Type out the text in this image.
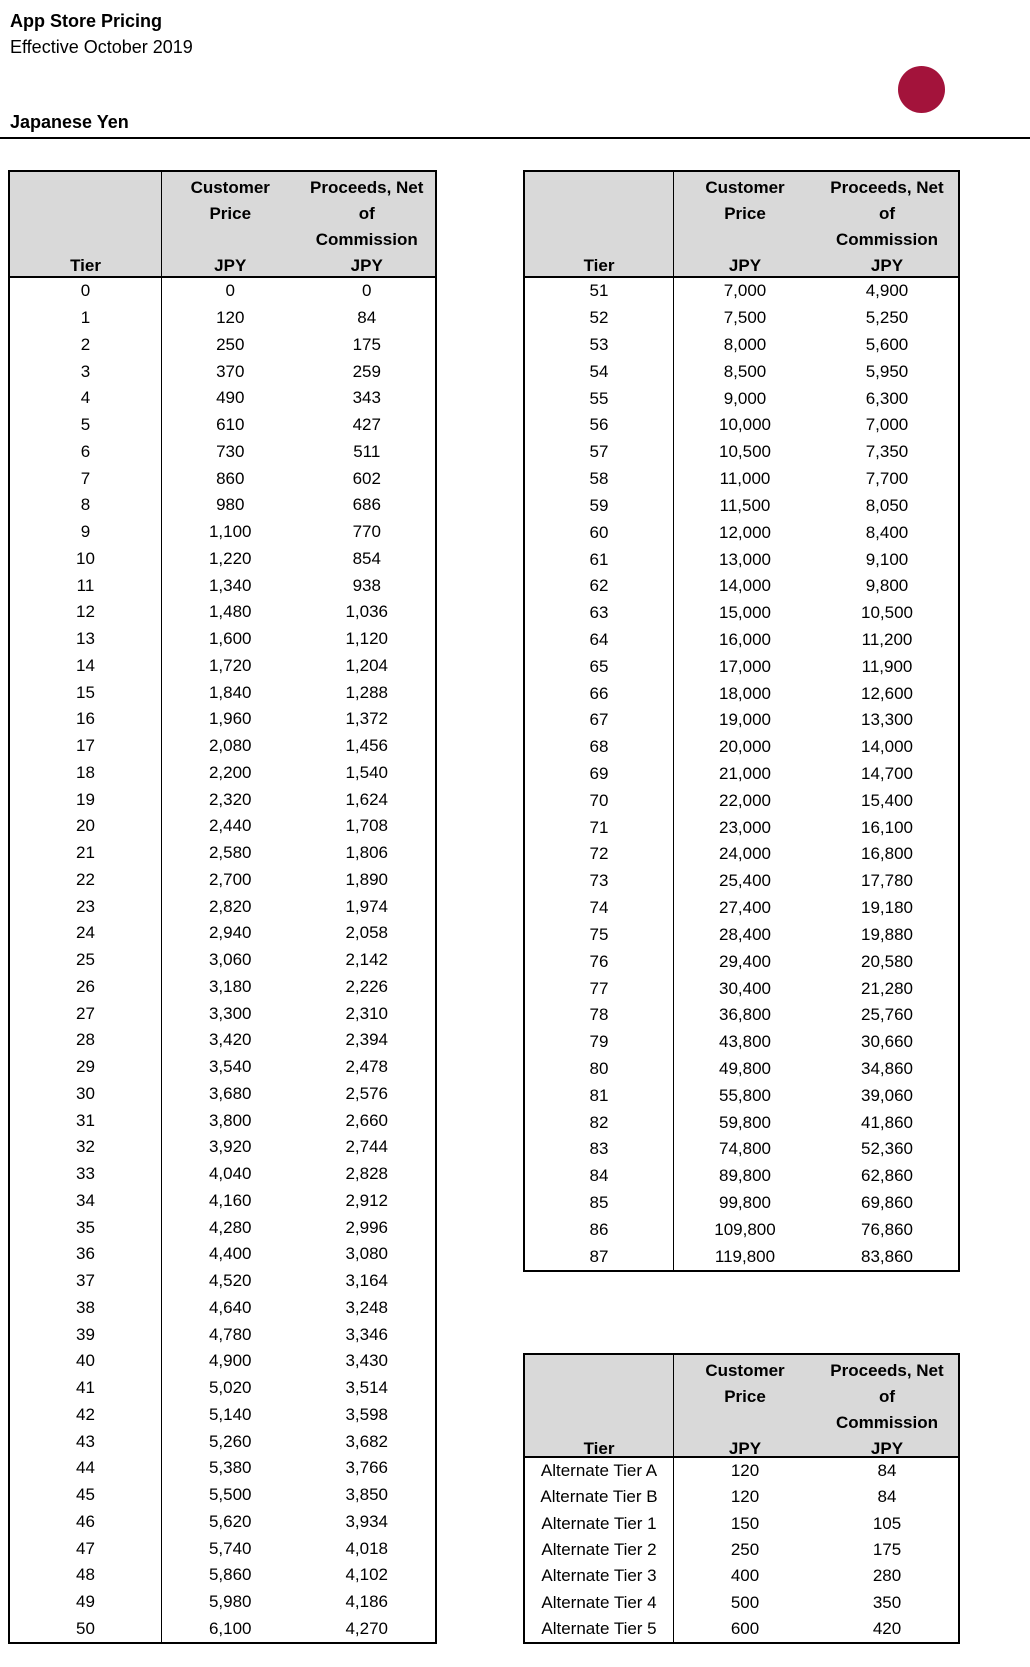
App Store Pricing
Effective October 2019
Japanese Yen
Tier
Customer Price
JPY
Proceeds, Net of Commission
JPY
0	0	0
1	120	84
2	250	175
3	370	259
4	490	343
5	610	427
6	730	511
7	860	602
8	980	686
9	1,100	770
10	1,220	854
11	1,340	938
12	1,480	1,036
13	1,600	1,120
14	1,720	1,204
15	1,840	1,288
16	1,960	1,372
17	2,080	1,456
18	2,200	1,540
19	2,320	1,624
20	2,440	1,708
21	2,580	1,806
22	2,700	1,890
23	2,820	1,974
24	2,940	2,058
25	3,060	2,142
26	3,180	2,226
27	3,300	2,310
28	3,420	2,394
29	3,540	2,478
30	3,680	2,576
31	3,800	2,660
32	3,920	2,744
33	4,040	2,828
34	4,160	2,912
35	4,280	2,996
36	4,400	3,080
37	4,520	3,164
38	4,640	3,248
39	4,780	3,346
40	4,900	3,430
41	5,020	3,514
42	5,140	3,598
43	5,260	3,682
44	5,380	3,766
45	5,500	3,850
46	5,620	3,934
47	5,740	4,018
48	5,860	4,102
49	5,980	4,186
50	6,100	4,270
Tier
Customer Price
JPY
Proceeds, Net of Commission
JPY
51	7,000	4,900
52	7,500	5,250
53	8,000	5,600
54	8,500	5,950
55	9,000	6,300
56	10,000	7,000
57	10,500	7,350
58	11,000	7,700
59	11,500	8,050
60	12,000	8,400
61	13,000	9,100
62	14,000	9,800
63	15,000	10,500
64	16,000	11,200
65	17,000	11,900
66	18,000	12,600
67	19,000	13,300
68	20,000	14,000
69	21,000	14,700
70	22,000	15,400
71	23,000	16,100
72	24,000	16,800
73	25,400	17,780
74	27,400	19,180
75	28,400	19,880
76	29,400	20,580
77	30,400	21,280
78	36,800	25,760
79	43,800	30,660
80	49,800	34,860
81	55,800	39,060
82	59,800	41,860
83	74,800	52,360
84	89,800	62,860
85	99,800	69,860
86	109,800	76,860
87	119,800	83,860
Tier
Customer Price
JPY
Proceeds, Net of Commission
JPY
Alternate Tier A	120	84
Alternate Tier B	120	84
Alternate Tier 1	150	105
Alternate Tier 2	250	175
Alternate Tier 3	400	280
Alternate Tier 4	500	350
Alternate Tier 5	600	420
